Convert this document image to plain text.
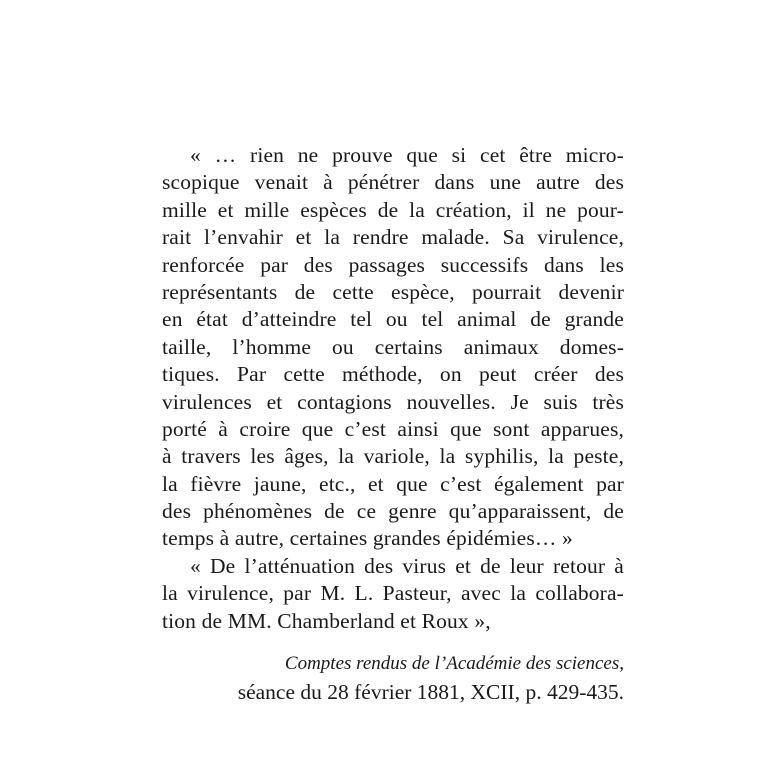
« … rien ne prouve que si cet être micro-
scopique venait à pénétrer dans une autre des
mille et mille espèces de la création, il ne pour-
rait l’envahir et la rendre malade. Sa virulence,
renforcée par des passages successifs dans les
représentants de cette espèce, pourrait devenir
en état d’atteindre tel ou tel animal de grande
taille, l’homme ou certains animaux domes-
tiques. Par cette méthode, on peut créer des
virulences et contagions nouvelles. Je suis très
porté à croire que c’est ainsi que sont apparues,
à travers les âges, la variole, la syphilis, la peste,
la fièvre jaune, etc., et que c’est également par
des phénomènes de ce genre qu’apparaissent, de
temps à autre, certaines grandes épidémies… »
« De l’atténuation des virus et de leur retour à
la virulence, par M. L. Pasteur, avec la collabora-
tion de MM. Chamberland et Roux »,
Comptes rendus de l’Académie des sciences,
séance du 28 février 1881, XCII, p. 429-435.
